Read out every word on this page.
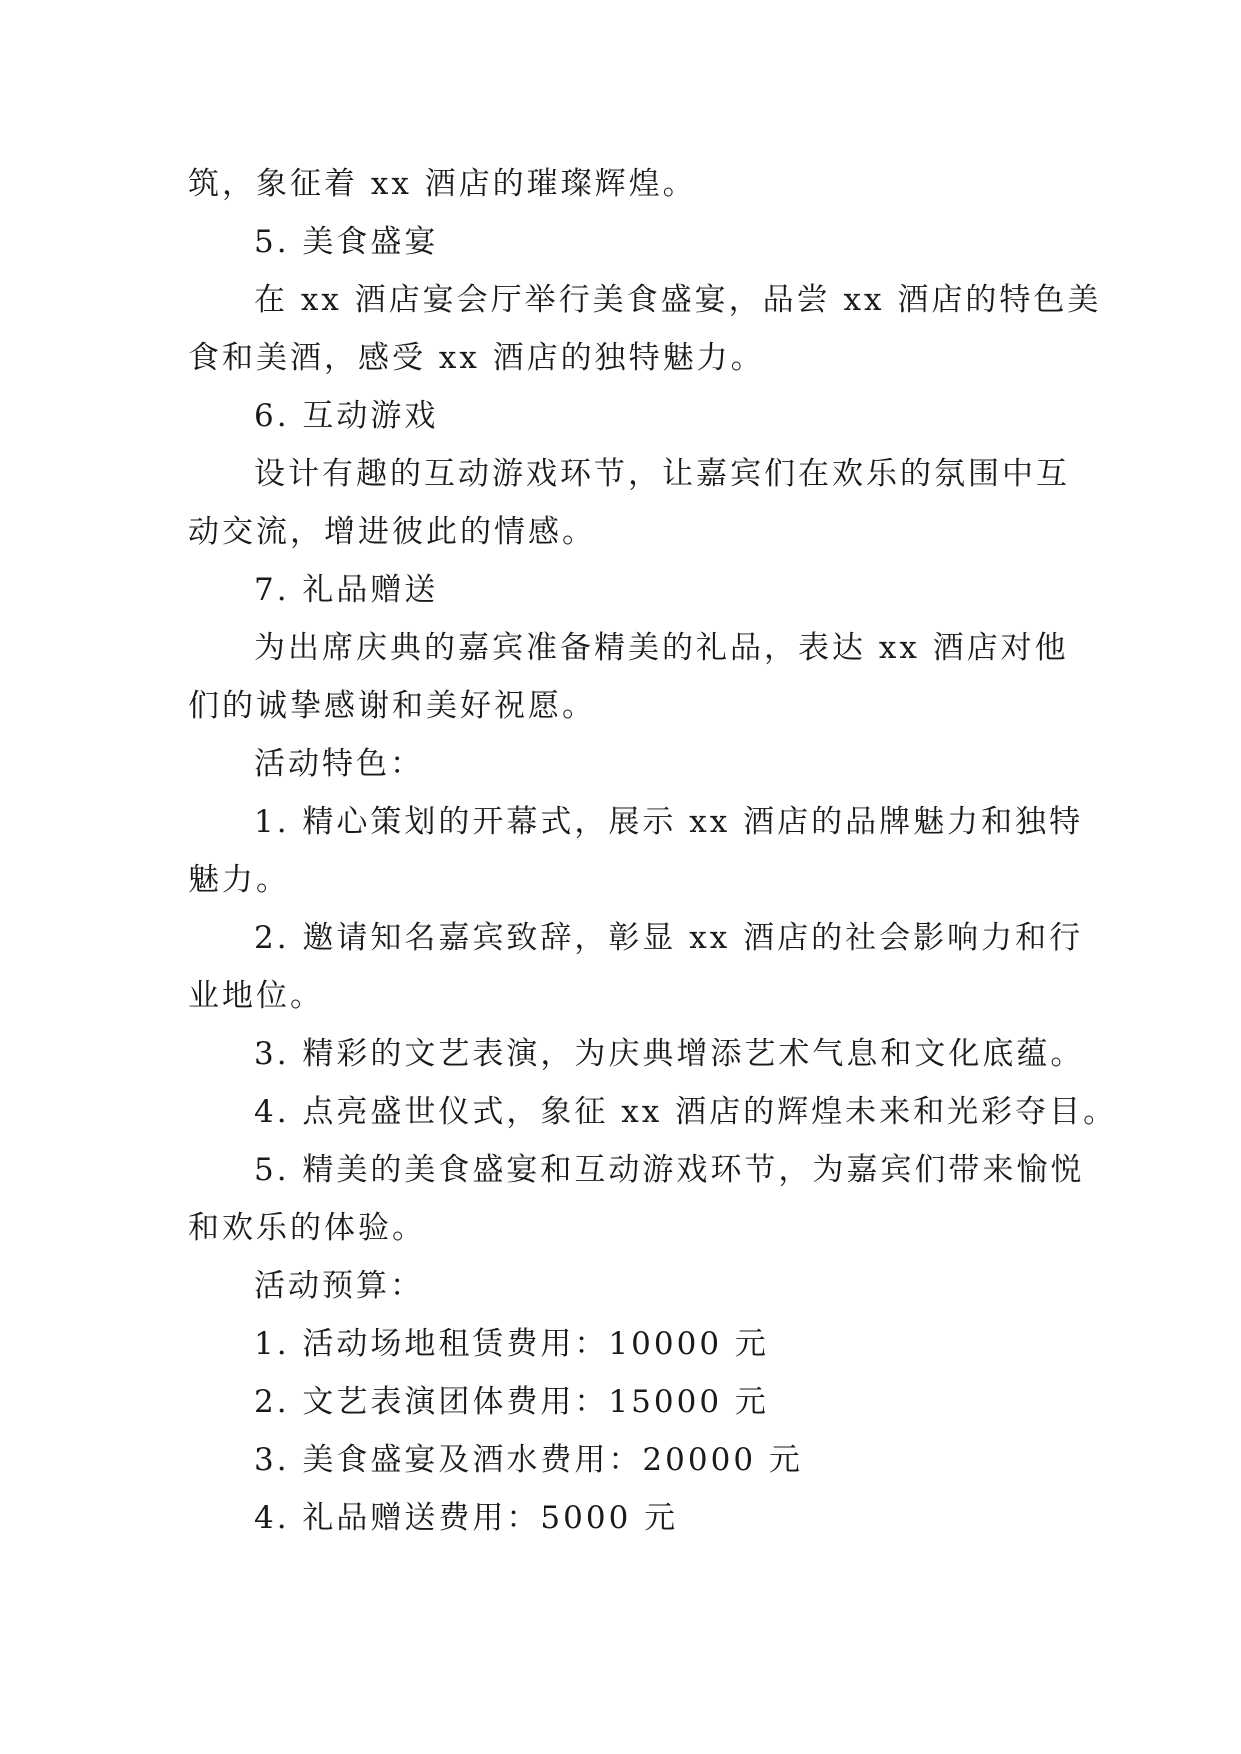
筑，象征着 xx 酒店的璀璨辉煌。
5. 美食盛宴
在 xx 酒店宴会厅举行美食盛宴，品尝 xx 酒店的特色美
食和美酒，感受 xx 酒店的独特魅力。
6. 互动游戏
设计有趣的互动游戏环节，让嘉宾们在欢乐的氛围中互
动交流，增进彼此的情感。
7. 礼品赠送
为出席庆典的嘉宾准备精美的礼品，表达 xx 酒店对他
们的诚挚感谢和美好祝愿。
活动特色：
1. 精心策划的开幕式，展示 xx 酒店的品牌魅力和独特
魅力。
2. 邀请知名嘉宾致辞，彰显 xx 酒店的社会影响力和行
业地位。
3. 精彩的文艺表演，为庆典增添艺术气息和文化底蕴。
4. 点亮盛世仪式，象征 xx 酒店的辉煌未来和光彩夺目。
5. 精美的美食盛宴和互动游戏环节，为嘉宾们带来愉悦
和欢乐的体验。
活动预算：
1. 活动场地租赁费用：10000 元
2. 文艺表演团体费用：15000 元
3. 美食盛宴及酒水费用：20000 元
4. 礼品赠送费用：5000 元
